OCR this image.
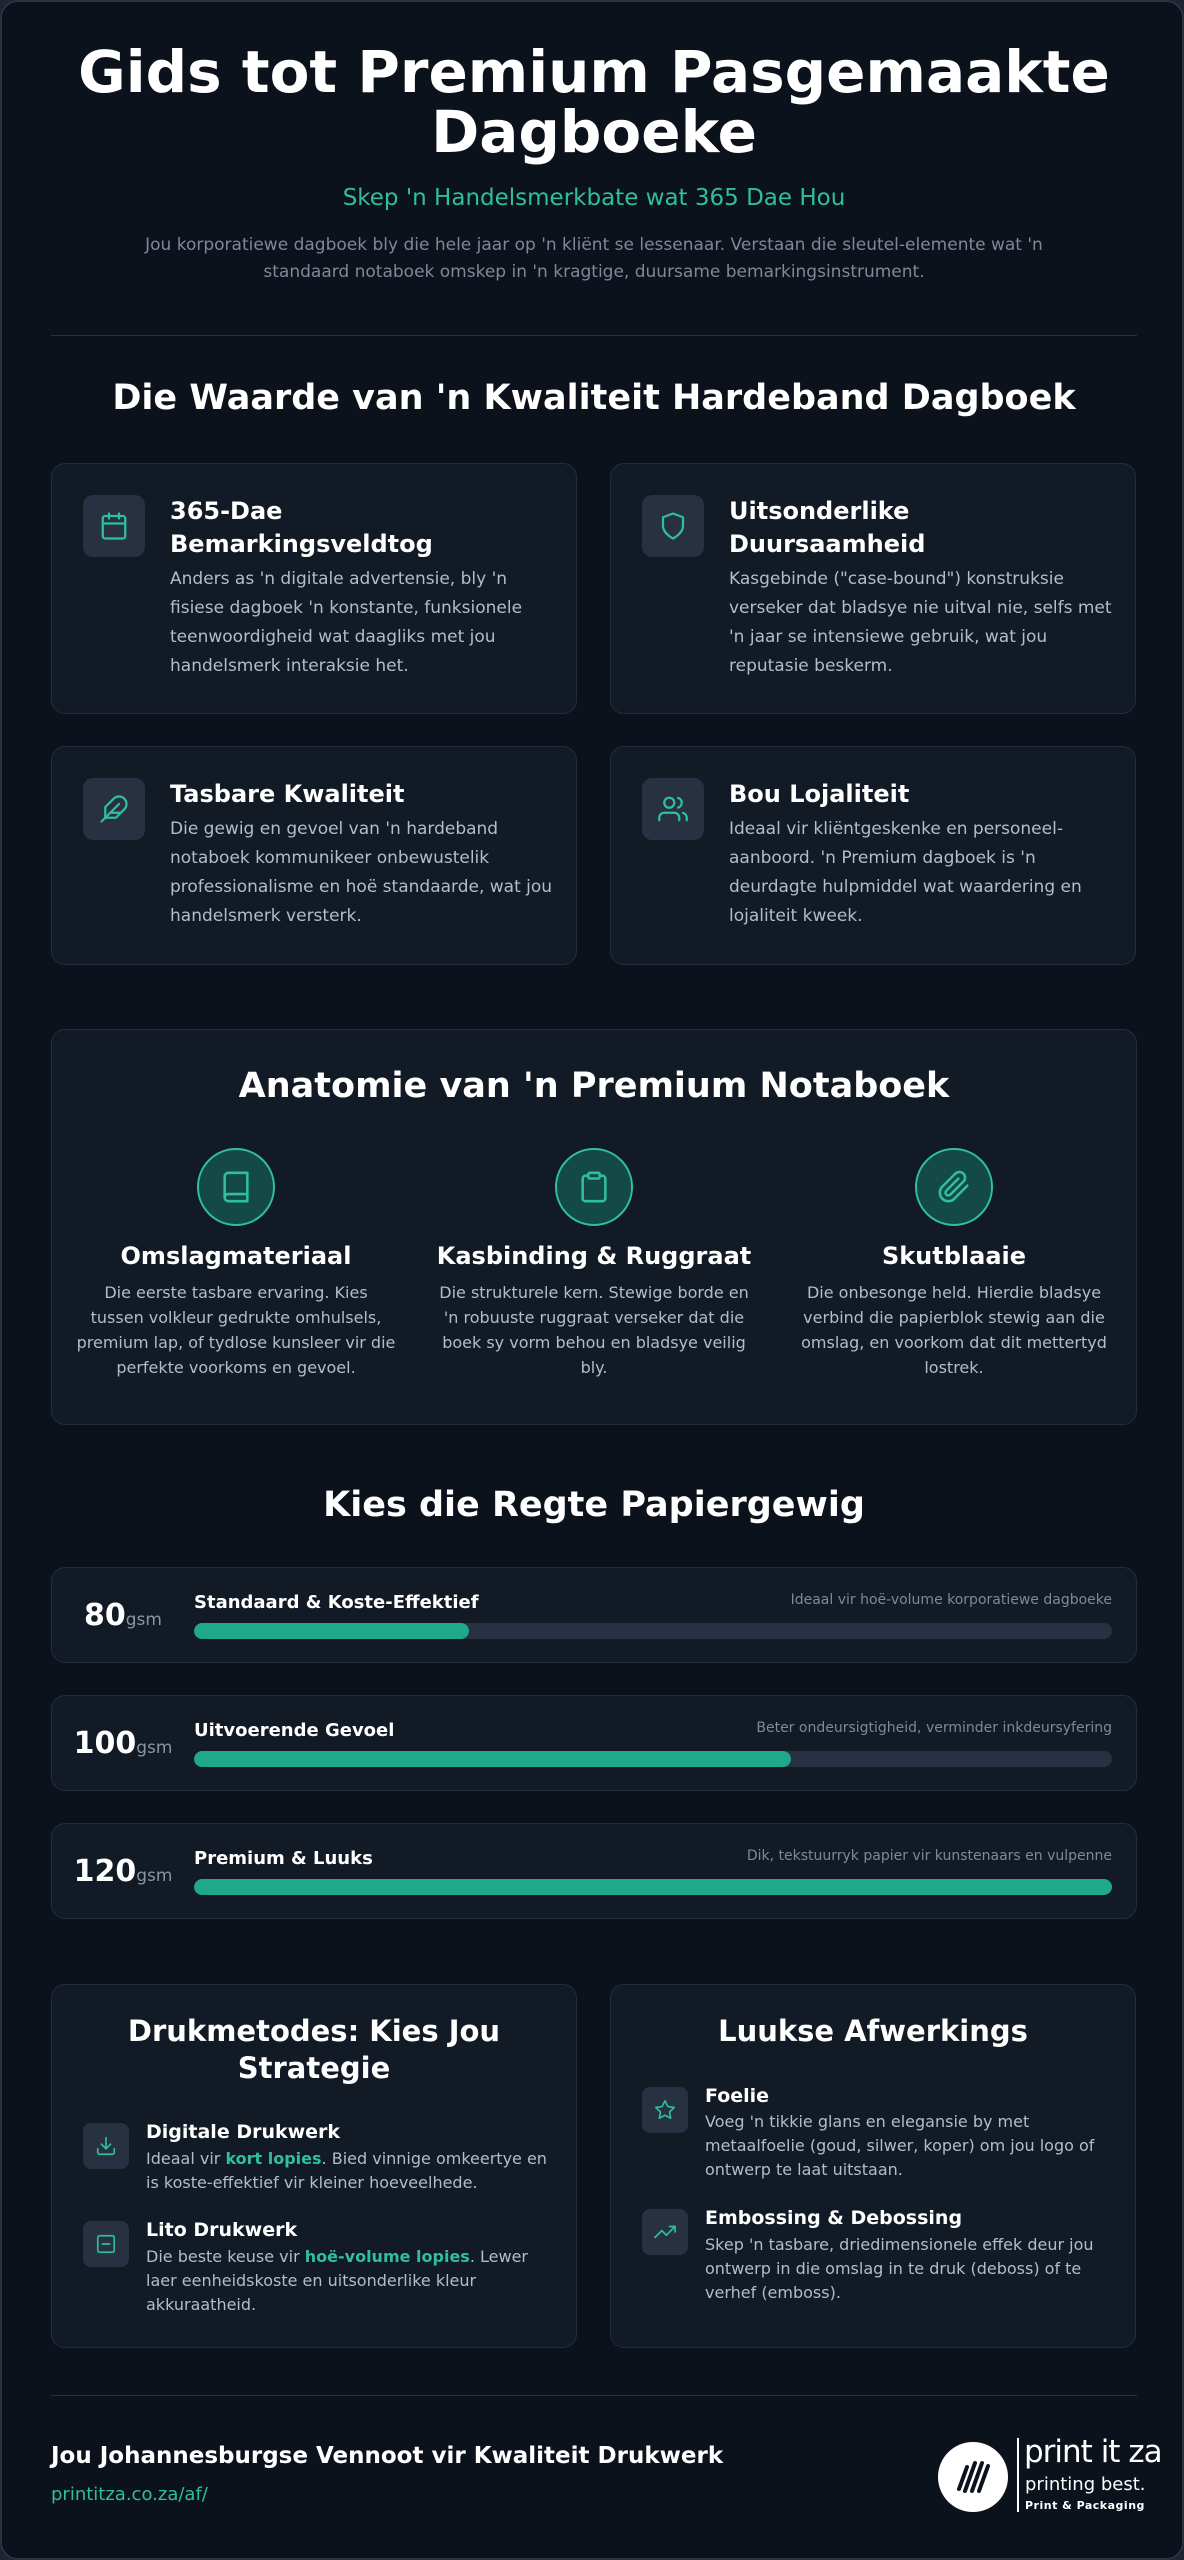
Gids tot Premium Pasgemaakte
Dagboeke
Skep 'n Handelsmerkbate wat 365 Dae Hou
Jou korporatiewe dagboek bly die hele jaar op 'n kliënt se lessenaar. Verstaan die sleutel-elemente wat 'n standaard notaboek omskep in 'n kragtige, duursame bemarkingsinstrument.
Die Waarde van 'n Kwaliteit Hardeband Dagboek
365-Dae Bemarkingsveldtog
Anders as 'n digitale advertensie, bly 'n fisiese dagboek 'n konstante, funksionele teenwoordigheid wat daagliks met jou handelsmerk interaksie het.
Uitsonderlike Duursaamheid
Kasgebinde ("case-bound") konstruksie verseker dat bladsye nie uitval nie, selfs met 'n jaar se intensiewe gebruik, wat jou reputasie beskerm.
Tasbare Kwaliteit
Die gewig en gevoel van 'n hardeband notaboek kommunikeer onbewustelik professionalisme en hoë standaarde, wat jou handelsmerk versterk.
Bou Lojaliteit
Ideaal vir kliëntgeskenke en personeel-aanboord. 'n Premium dagboek is 'n deurdagte hulpmiddel wat waardering en lojaliteit kweek.
Anatomie van 'n Premium Notaboek
Omslagmateriaal
Die eerste tasbare ervaring. Kies tussen volkleur gedrukte omhulsels, premium lap, of tydlose kunsleer vir die perfekte voorkoms en gevoel.
Kasbinding & Ruggraat
Die strukturele kern. Stewige borde en 'n robuuste ruggraat verseker dat die boek sy vorm behou en bladsye veilig bly.
Skutblaaie
Die onbesonge held. Hierdie bladsye verbind die papierblok stewig aan die omslag, en voorkom dat dit mettertyd lostrek.
Kies die Regte Papiergewig
80 gsm
Standaard & Koste-Effektief	Ideaal vir hoë-volume korporatiewe dagboeke
100 gsm
Uitvoerende Gevoel	Beter ondeursigtigheid, verminder inkdeursyfering
120 gsm
Premium & Luuks	Dik, tekstuurryk papier vir kunstenaars en vulpenne
Drukmetodes: Kies Jou
Strategie
Digitale Drukwerk
Ideaal vir kort lopies. Bied vinnige omkeertye en is koste-effektief vir kleiner hoeveelhede.
Lito Drukwerk
Die beste keuse vir hoë-volume lopies. Lewer laer eenheidskoste en uitsonderlike kleur akkuraatheid.
Luukse Afwerkings
Foelie
Voeg 'n tikkie glans en elegansie by met metaalfoelie (goud, silwer, koper) om jou logo of ontwerp te laat uitstaan.
Embossing & Debossing
Skep 'n tasbare, driedimensionele effek deur jou ontwerp in die omslag in te druk (deboss) of te verhef (emboss).
Jou Johannesburgse Vennoot vir Kwaliteit Drukwerk
printitza.co.za/af/
print it za
printing best.
Print & Packaging
